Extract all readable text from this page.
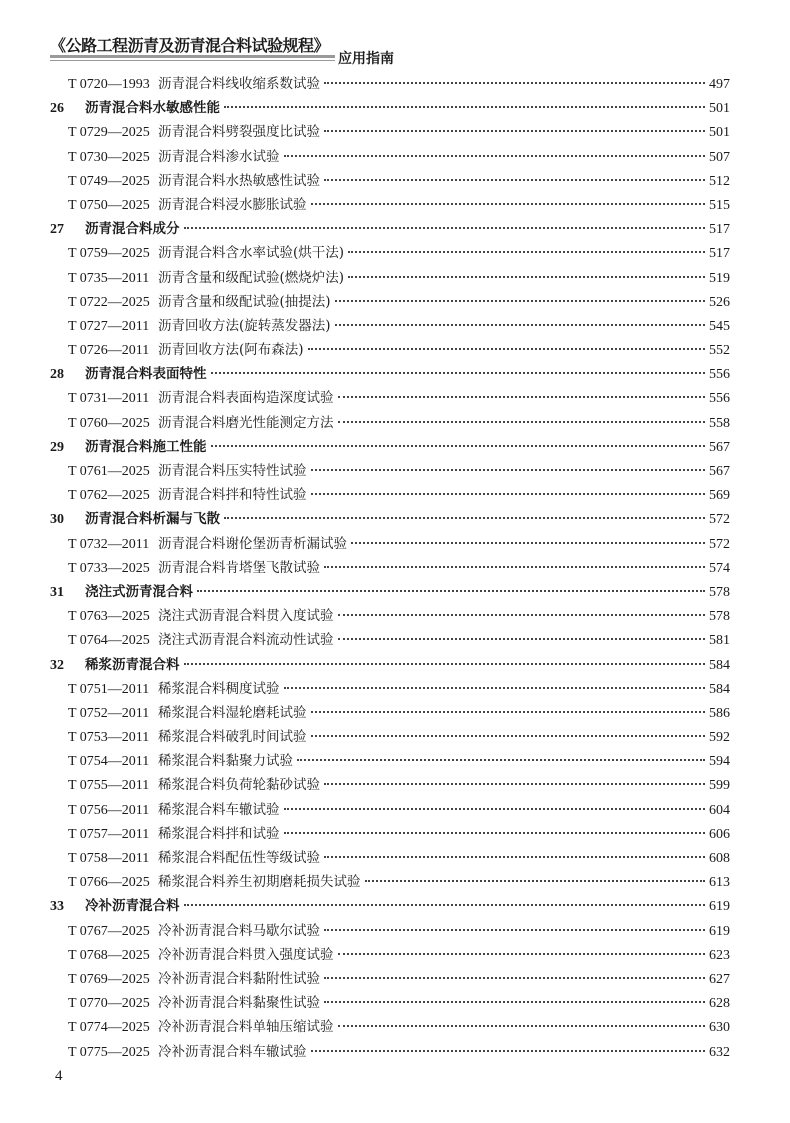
《公路工程沥青及沥青混合料试验规程》
应用指南
T 0720—1993 沥青混合料线收缩系数试验	497
26	沥青混合料水敏感性能	501
T 0729—2025 沥青混合料劈裂强度比试验	501
T 0730—2025 沥青混合料渗水试验	507
T 0749—2025 沥青混合料水热敏感性试验	512
T 0750—2025 沥青混合料浸水膨胀试验	515
27	沥青混合料成分	517
T 0759—2025 沥青混合料含水率试验(烘干法)	517
T 0735—2011 沥青含量和级配试验(燃烧炉法)	519
T 0722—2025 沥青含量和级配试验(抽提法)	526
T 0727—2011 沥青回收方法(旋转蒸发器法)	545
T 0726—2011 沥青回收方法(阿布森法)	552
28	沥青混合料表面特性	556
T 0731—2011 沥青混合料表面构造深度试验	556
T 0760—2025 沥青混合料磨光性能测定方法	558
29	沥青混合料施工性能	567
T 0761—2025 沥青混合料压实特性试验	567
T 0762—2025 沥青混合料拌和特性试验	569
30	沥青混合料析漏与飞散	572
T 0732—2011 沥青混合料谢伦堡沥青析漏试验	572
T 0733—2025 沥青混合料肯塔堡飞散试验	574
31	浇注式沥青混合料	578
T 0763—2025 浇注式沥青混合料贯入度试验	578
T 0764—2025 浇注式沥青混合料流动性试验	581
32	稀浆沥青混合料	584
T 0751—2011 稀浆混合料稠度试验	584
T 0752—2011 稀浆混合料湿轮磨耗试验	586
T 0753—2011 稀浆混合料破乳时间试验	592
T 0754—2011 稀浆混合料黏聚力试验	594
T 0755—2011 稀浆混合料负荷轮黏砂试验	599
T 0756—2011 稀浆混合料车辙试验	604
T 0757—2011 稀浆混合料拌和试验	606
T 0758—2011 稀浆混合料配伍性等级试验	608
T 0766—2025 稀浆混合料养生初期磨耗损失试验	613
33	冷补沥青混合料	619
T 0767—2025 冷补沥青混合料马歇尔试验	619
T 0768—2025 冷补沥青混合料贯入强度试验	623
T 0769—2025 冷补沥青混合料黏附性试验	627
T 0770—2025 冷补沥青混合料黏聚性试验	628
T 0774—2025 冷补沥青混合料单轴压缩试验	630
T 0775—2025 冷补沥青混合料车辙试验	632
4
